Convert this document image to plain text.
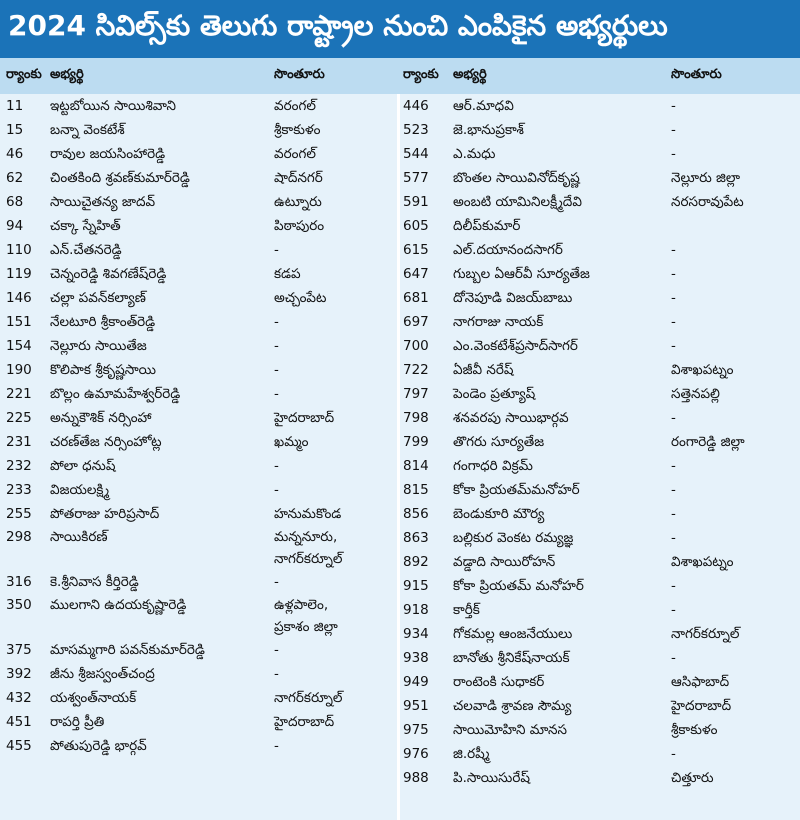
2024 సివిల్స్‌కు తెలుగు రాష్ట్రాల నుంచి ఎంపికైన అభ్యర్థులు
ర్యాంకు అభ్యర్థి	సొంతూరు
11	ఇట్టబోయిన సాయిశివాని	వరంగల్
15	బన్నా వెంకటేశ్	శ్రీకాకుళం
46	రావుల జయసింహారెడ్డి	వరంగల్
62	చింతకింది శ్రవణ్‌కుమార్‌రెడ్డి	షాద్‌నగర్
68	సాయిచైతన్య జాదవ్	ఉట్నూరు
94	చక్కా స్నేహిత్	పిఠాపురం
110	ఎన్.చేతనరెడ్డి	-
119	చెన్నంరెడ్డి శివగణేష్‌రెడ్డి	కడప
146	చల్లా పవన్‌కల్యాణ్	అచ్చంపేట
151	నేలటూరి శ్రీకాంత్‌రెడ్డి	-
154	నెల్లూరు సాయితేజ	-
190	కొలిపాక శ్రీకృష్ణసాయి	-
221	బొల్లం ఉమామహేశ్వర్‌రెడ్డి	-
225	అన్నుకౌశిక్ నర్సింహా	హైదరాబాద్
231	చరణ్‌తేజ నర్సింహోట్ల	ఖమ్మం
232	పోలా ధనుష్	-
233	విజయలక్ష్మి	-
255	పోతరాజు హరిప్రసాద్	హనుమకొండ
298	సాయికిరణ్	మన్ననూరు,
నాగర్‌కర్నూల్
316	కె.శ్రీనివాస కీర్తిరెడ్డి	-
350	ములగాని ఉదయకృష్ణారెడ్డి	ఉళ్లపాలెం,
ప్రకాశం జిల్లా
375	మాసమ్మగారి పవన్‌కుమార్‌రెడ్డి	-
392	జీను శ్రీజస్వంత్‌చంద్ర	-
432	యశ్వంత్‌నాయక్	నాగర్‌కర్నూల్
451	రాపర్తి ప్రీతి	హైదరాబాద్
455	పోతుపురెడ్డి భార్గవ్	-
ర్యాంకు	అభ్యర్థి	సొంతూరు
446	ఆర్.మాధవి	-
523	జె.భానుప్రకాశ్	-
544	ఎ.మధు	-
577	బొంతల సాయివినోద్‌కృష్ణ	నెల్లూరు జిల్లా
591	అంబటి యామినిలక్ష్మీదేవి	నరసరావుపేట
605	దిలీప్‌కుమార్
615	ఎల్.దయానందసాగర్	-
647	గుబ్బల ఏఆర్‌వీ సూర్యతేజ	-
681	దోనెపూడి విజయ్‌బాబు	-
697	నాగరాజు నాయక్	-
700	ఎం.వెంకటేశ్‌ప్రసాద్‌సాగర్	-
722	ఏజీవీ నరేష్	విశాఖపట్నం
797	పెండెం ప్రత్యూష్	సత్తెనపల్లి
798	శనవరపు సాయిభార్గవ	-
799	తొగరు సూర్యతేజ	రంగారెడ్డి జిల్లా
814	గంగాధరి విక్రమ్	-
815	కోకా ప్రియతమ్‌మనోహర్	-
856	బెండుకూరి మౌర్య	-
863	బల్లికుర వెంకట రమ్యజ్ఞ	-
892	వడ్డాది సాయిరోహన్	విశాఖపట్నం
915	కోకా ప్రియతమ్ మనోహర్	-
918	కార్తీక్	-
934	గోకమల్ల ఆంజనేయులు	నాగర్‌కర్నూల్
938	బానోతు శ్రీనికేష్‌నాయక్	-
949	రాంటెంకి సుధాకర్	ఆసిఫాబాద్
951	చలవాడి శ్రావణ సౌమ్య	హైదరాబాద్
975	సాయిమోహిని మానస	శ్రీకాకుళం
976	జి.రష్మీ	-
988	పి.సాయిసురేష్	చిత్తూరు
